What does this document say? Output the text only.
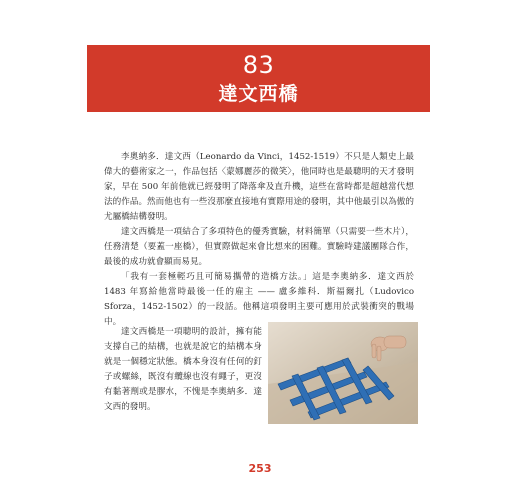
83
達文西橋

李奧納多．達文西（Leonardo da Vinci，1452-1519）不只是人類史上最偉大的藝術家之一，作品包括〈蒙娜麗莎的微笑〉，他同時也是最聰明的天才發明家，早在 500 年前他就已經發明了降落傘及直升機，這些在當時都是超越當代想法的作品。然而他也有一些沒那麼直接地有實際用途的發明，其中他最引以為傲的尤屬橋結構發明。

達文西橋是一項結合了多項特色的優秀實驗，材料簡單（只需要一些木片），任務清楚（要蓋一座橋），但實際做起來會比想來的困難。實驗時建議團隊合作，最後的成功就會顯而易見。

「我有一套極輕巧且可簡易攜帶的造橋方法。」這是李奧納多．達文西於 1483 年寫給他當時最後一任的雇主 —— 盧多維科．斯福爾扎（Ludovico Sforza，1452-1502）的一段話。他稱這項發明主要可應用於武裝衝突的戰場中。

達文西橋是一項聰明的設計，擁有能支撐自己的結構，也就是說它的結構本身就是一個穩定狀態。橋本身沒有任何的釘子或螺絲，既沒有纜線也沒有繩子，更沒有黏著劑或是膠水，不愧是李奧納多．達文西的發明。

253
